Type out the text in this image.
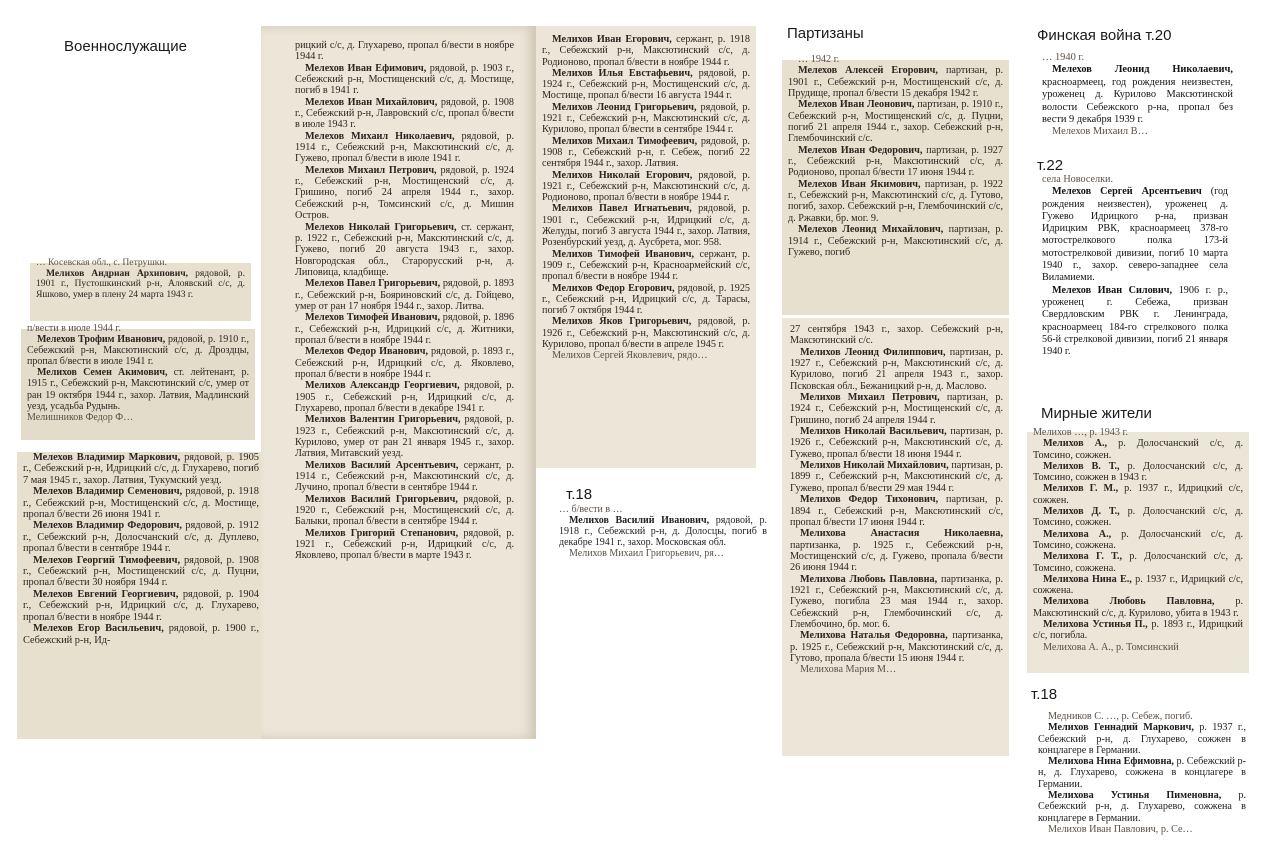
Военнослужащие
Партизаны	Финская война т.20
т.18
т.22
Мирные жители
т.18
… Косевская обл., с. Петрушки.
Мелихов Андриан Архипович, рядовой, р. 1901 г., Пустошкинский р-н, Алоявский с/с, д. Яшково, умер в плену 24 марта 1943 г.
п/вести в июле 1944 г.
Мелехов Трофим Иванович, рядовой, р. 1910 г., Себежский р-н, Максютинский с/с, д. Дроздцы, пропал б/вести в июле 1941 г.
Мелихов Семен Акимович, ст. лейтенант, р. 1915 г., Себежский р-н, Максютинский с/с, умер от ран 19 октября 1944 г., захор. Латвия, Мадлинский уезд, усадьба Рудынь.
Мелишников Федор Ф…
Мелехов Владимир Маркович, рядовой, р. 1905 г., Себежский р-н, Идрицкий с/с, д. Глухарево, погиб 7 мая 1945 г., захор. Латвия, Тукумский уезд.
Мелехов Владимир Семенович, рядовой, р. 1918 г., Себежский р-н, Мостищенский с/с, д. Мостище, пропал б/вести 26 июня 1941 г.
Мелехов Владимир Федорович, рядовой, р. 1912 г., Себежский р-н, Долосчанский с/с, д. Дуплево, пропал б/вести в сентябре 1944 г.
Мелехов Георгий Тимофеевич, рядовой, р. 1908 г., Себежский р-н, Мостищенский с/с, д. Пуцни, пропал б/вести 30 ноября 1944 г.
Мелехов Евгений Георгиевич, рядовой, р. 1904 г., Себежский р-н, Идрицкий с/с, д. Глухарево, пропал б/вести в ноябре 1944 г.
Мелехов Егор Васильевич, рядовой, р. 1900 г., Себежский р-н, Ид-
рицкий с/с, д. Глухарево, пропал б/вести в ноябре 1944 г.
Мелехов Иван Ефимович, рядовой, р. 1903 г., Себежский р-н, Мостищенский с/с, д. Мостище, погиб в 1941 г.
Мелехов Иван Михайлович, рядовой, р. 1908 г., Себежский р-н, Лавровский с/с, пропал б/вести в июле 1943 г.
Мелехов Михаил Николаевич, рядовой, р. 1914 г., Себежский р-н, Максютинский с/с, д. Гужево, пропал б/вести в июле 1941 г.
Мелехов Михаил Петрович, рядовой, р. 1924 г., Себежский р-н, Мостищенский с/с, д. Гришино, погиб 24 апреля 1944 г., захор. Себежский р-н, Томсинский с/с, д. Мишин Остров.
Мелехов Николай Григорьевич, ст. сержант, р. 1922 г., Себежский р-н, Максютинский с/с, д. Гужево, погиб 20 августа 1943 г., захор. Новгородская обл., Старорусский р-н, д. Липовица, кладбище.
Мелехов Павел Григорьевич, рядовой, р. 1893 г., Себежский р-н, Бояриновский с/с, д. Гойцево, умер от ран 17 ноября 1944 г., захор. Литва.
Мелехов Тимофей Иванович, рядовой, р. 1896 г., Себежский р-н, Идрицкий с/с, д. Житники, пропал б/вести в ноябре 1944 г.
Мелехов Федор Иванович, рядовой, р. 1893 г., Себежский р-н, Идрицкий с/с, д. Яковлево, пропал б/вести в ноябре 1944 г.
Мелихов Александр Георгиевич, рядовой, р. 1905 г., Себежский р-н, Идрицкий с/с, д. Глухарево, пропал б/вести в декабре 1941 г.
Мелихов Валентин Григорьевич, рядовой, р. 1923 г., Себежский р-н, Максютинский с/с, д. Курилово, умер от ран 21 января 1945 г., захор. Латвия, Митавский уезд.
Мелихов Василий Арсентьевич, сержант, р. 1914 г., Себежский р-н, Максютинский с/с, д. Лучино, пропал б/вести в сентябре 1944 г.
Мелихов Василий Григорьевич, рядовой, р. 1920 г., Себежский р-н, Мостищенский с/с, д. Балыки, пропал б/вести в сентябре 1944 г.
Мелихов Григорий Степанович, рядовой, р. 1921 г., Себежский р-н, Идрицкий с/с, д. Яковлево, пропал б/вести в марте 1943 г.
Мелихов Иван Егорович, сержант, р. 1918 г., Себежский р-н, Максютинский с/с, д. Родионово, пропал б/вести в ноябре 1944 г.
Мелихов Илья Евстафьевич, рядовой, р. 1924 г., Себежский р-н, Мостищенский с/с, д. Мостище, пропал б/вести 16 августа 1944 г.
Мелихов Леонид Григорьевич, рядовой, р. 1921 г., Себежский р-н, Максютинский с/с, д. Курилово, пропал б/вести в сентябре 1944 г.
Мелихов Михаил Тимофеевич, рядовой, р. 1908 г., Себежский р-н, г. Себеж, погиб 22 сентября 1944 г., захор. Латвия.
Мелихов Николай Егорович, рядовой, р. 1921 г., Себежский р-н, Максютинский с/с, д. Родионово, пропал б/вести в ноябре 1944 г.
Мелихов Павел Игнатьевич, рядовой, р. 1901 г., Себежский р-н, Идрицкий с/с, д. Желуды, погиб 3 августа 1944 г., захор. Латвия, Розенбурский уезд, д. Аусбрета, мог. 958.
Мелихов Тимофей Иванович, сержант, р. 1909 г., Себежский р-н, Красноармейский с/с, пропал б/вести в ноябре 1944 г.
Мелихов Федор Егорович, рядовой, р. 1925 г., Себежский р-н, Идрицкий с/с, д. Тарасы, погиб 7 октября 1944 г.
Мелихов Яков Григорьевич, рядовой, р. 1926 г., Себежский р-н, Максютинский с/с, д. Курилово, пропал б/вести в апреле 1945 г.
Мелихов Сергей Яковлевич, рядо…
… б/вести в …
Мелихов Василий Иванович, рядовой, р. 1918 г., Себежский р-н, д. Долосцы, погиб в декабре 1941 г., захор. Московская обл.
Мелихов Михаил Григорьевич, ря…
… 1942 г.
Мелехов Алексей Егорович, партизан, р. 1901 г., Себежский р-н, Мостищенский с/с, д. Прудище, пропал б/вести 15 декабря 1942 г.
Мелехов Иван Леонович, партизан, р. 1910 г., Себежский р-н, Мостищенский с/с, д. Пуцни, погиб 21 апреля 1944 г., захор. Себежский р-н, Глембочинский с/с.
Мелехов Иван Федорович, партизан, р. 1927 г., Себежский р-н, Максютинский с/с, д. Родионово, пропал б/вести 17 июня 1944 г.
Мелехов Иван Якимович, партизан, р. 1922 г., Себежский р-н, Максютинский с/с, д. Гутово, погиб, захор. Себежский р-н, Глембочинский с/с, д. Ржавки, бр. мог. 9.
Мелехов Леонид Михайлович, партизан, р. 1914 г., Себежский р-н, Максютинский с/с, д. Гужево, погиб
27 сентября 1943 г., захор. Себежский р-н, Максютинский с/с.
Мелихов Леонид Филиппович, партизан, р. 1927 г., Себежский р-н, Максютинский с/с, д. Курилово, погиб 21 апреля 1943 г., захор. Псковская обл., Бежаницкий р-н, д. Маслово.
Мелихов Михаил Петрович, партизан, р. 1924 г., Себежский р-н, Мостищенский с/с, д. Гришино, погиб 24 апреля 1944 г.
Мелихов Николай Васильевич, партизан, р. 1926 г., Себежский р-н, Максютинский с/с, д. Гужево, пропал б/вести 18 июня 1944 г.
Мелихов Николай Михайлович, партизан, р. 1899 г., Себежский р-н, Максютинский с/с, д. Гужево, пропал б/вести 29 мая 1944 г.
Мелихов Федор Тихонович, партизан, р. 1894 г., Себежский р-н, Максютинский с/с, пропал б/вести 17 июня 1944 г.
Мелихова Анастасия Николаевна, партизанка, р. 1925 г., Себежский р-н, Мостищенский с/с, д. Гужево, пропала б/вести 26 июня 1944 г.
Мелихова Любовь Павловна, партизанка, р. 1921 г., Себежский р-н, Максютинский с/с, д. Гужево, погибла 23 мая 1944 г., захор. Себежский р-н, Глембочинский с/с, д. Глембочино, бр. мог. 6.
Мелихова Наталья Федоровна, партизанка, р. 1925 г., Себежский р-н, Максютинский с/с, д. Гутово, пропала б/вести 15 июня 1944 г.
Мелихова Мария М…
… 1940 г.
Мелехов Леонид Николаевич, красноармеец, год рождения неизвестен, уроженец д. Курилово Максютинской волости Себежского р-на, пропал без вести 9 декабря 1939 г.
Мелехов Михаил В…
села Новоселки.
Мелехов Сергей Арсентьевич (год рождения неизвестен), уроженец д. Гужево Идрицкого р-на, призван Идрицким РВК, красноармеец 378-го мотострелкового полка 173-й мотострелковой дивизии, погиб 10 марта 1940 г., захор. северо-западнее села Виламиеми.
Мелехов Иван Силович, 1906 г. р., уроженец г. Себежа, призван Свердловским РВК г. Ленинграда, красноармеец 184-го стрелкового полка 56-й стрелковой дивизии, погиб 21 января 1940 г.
Мелихов …, р. 1943 г.
Мелихов А., р. Долосчанский с/с, д. Томсино, сожжен.
Мелихов В. Т., р. Долосчанский с/с, д. Томсино, сожжен в 1943 г.
Мелихов Г. М., р. 1937 г., Идрицкий с/с, сожжен.
Мелихов Д. Т., р. Долосчанский с/с, д. Томсино, сожжен.
Мелихова А., р. Долосчанский с/с, д. Томсино, сожжена.
Мелихова Г. Т., р. Долосчанский с/с, д. Томсино, сожжена.
Мелихова Нина Е., р. 1937 г., Идрицкий с/с, сожжена.
Мелихова Любовь Павловна, р. Максютинский с/с, д. Курилово, убита в 1943 г.
Мелихова Устинья П., р. 1893 г., Идрицкий с/с, погибла.
Мелихова А. А., р. Томсинский
Медников С. …, р. Себеж, погиб.
Мелихов Геннадий Маркович, р. 1937 г., Себежский р-н, д. Глухарево, сожжен в концлагере в Германии.
Мелихова Нина Ефимовна, р. Себежский р-н, д. Глухарево, сожжена в концлагере в Германии.
Мелихова Устинья Пименовна, р. Себежский р-н, д. Глухарево, сожжена в концлагере в Германии.
Мелихов Иван Павлович, р. Се…
